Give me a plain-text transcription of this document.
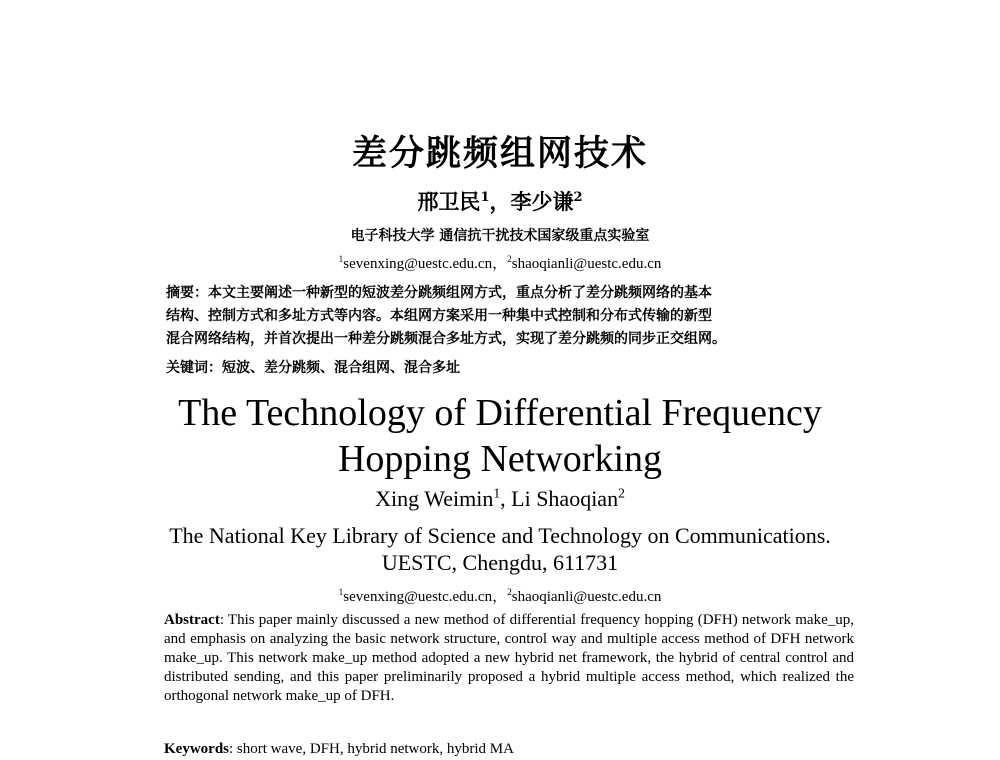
差分跳频组网技术
邢卫民$^1$，李少谦$^2$
电子科技大学 通信抗干扰技术国家级重点实验室
$^1$sevenxing@uestc.edu.cn，$^2$shaoqianli@uestc.edu.cn
摘要：本文主要阐述一种新型的短波差分跳频组网方式，重点分析了差分跳频网络的基本
结构、控制方式和多址方式等内容。本组网方案采用一种集中式控制和分布式传输的新型
混合网络结构，并首次提出一种差分跳频混合多址方式，实现了差分跳频的同步正交组网。
关键词：短波、差分跳频、混合组网、混合多址
The Technology of Differential Frequency
Hopping Networking
Xing Weimin$^1$, Li Shaoqian$^2$
The National Key Library of Science and Technology on Communications.
UESTC, Chengdu, 611731
$^1$sevenxing@uestc.edu.cn，$^2$shaoqianli@uestc.edu.cn
Abstract: This paper mainly discussed a new method of differential frequency hopping (DFH) network make_up, and emphasis on analyzing the basic network structure, control way and multiple access method of DFH network make_up. This network make_up method adopted a new hybrid net framework, the hybrid of central control and distributed sending, and this paper preliminarily proposed a hybrid multiple access method, which realized the orthogonal network make_up of DFH.
Keywords: short wave, DFH, hybrid network, hybrid MA
